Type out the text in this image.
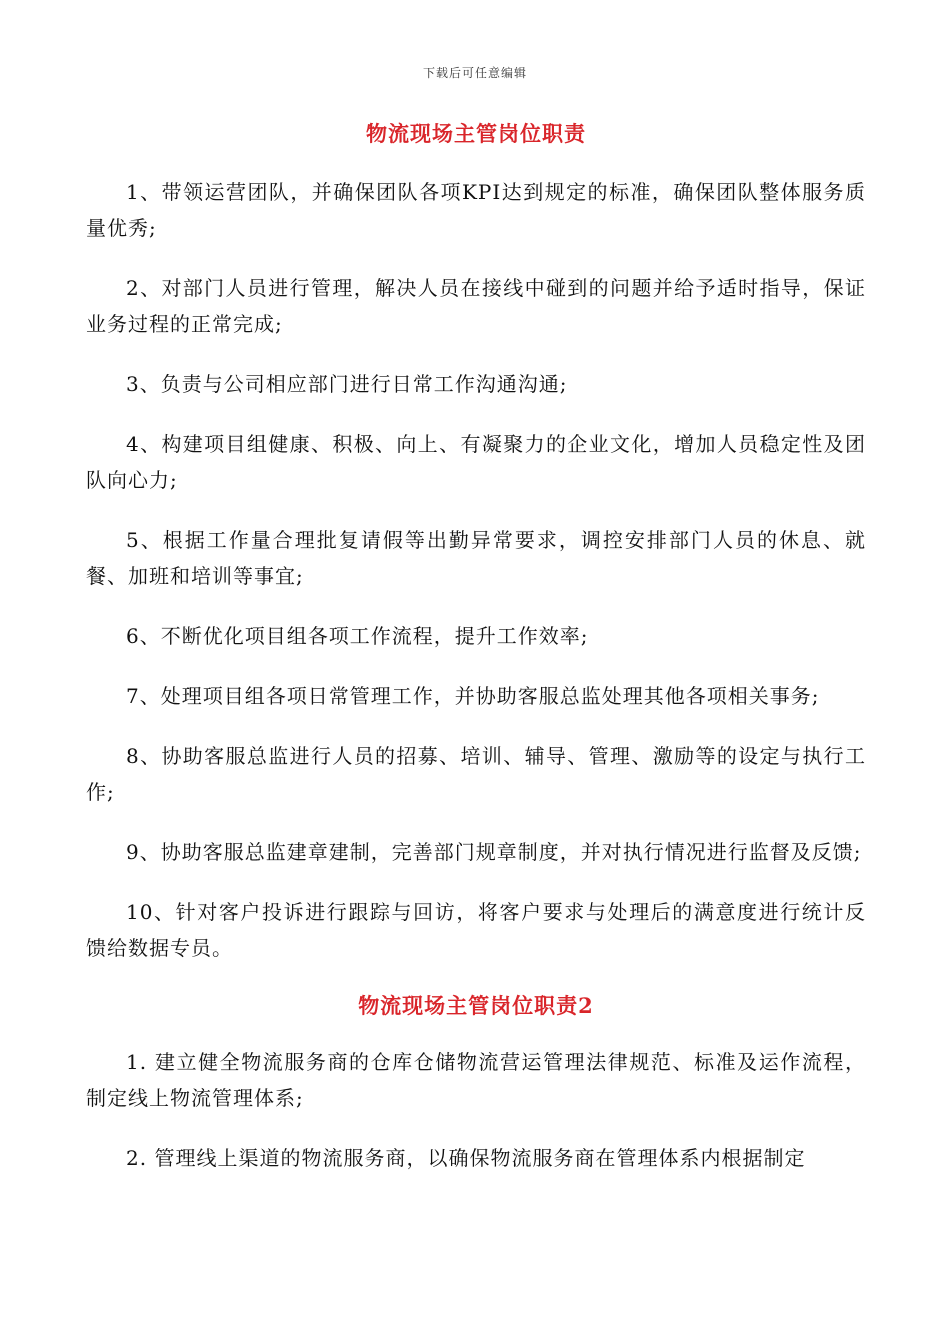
下载后可任意编辑
物流现场主管岗位职责

1、带领运营团队，并确保团队各项KPI达到规定的标准，确保团队整体服务质量优秀;

2、对部门人员进行管理，解决人员在接线中碰到的问题并给予适时指导，保证业务过程的正常完成;

3、负责与公司相应部门进行日常工作沟通沟通;

4、构建项目组健康、积极、向上、有凝聚力的企业文化，增加人员稳定性及团队向心力;

5、根据工作量合理批复请假等出勤异常要求，调控安排部门人员的休息、就餐、加班和培训等事宜;

6、不断优化项目组各项工作流程，提升工作效率;

7、处理项目组各项日常管理工作，并协助客服总监处理其他各项相关事务;

8、协助客服总监进行人员的招募、培训、辅导、管理、激励等的设定与执行工作;

9、协助客服总监建章建制，完善部门规章制度，并对执行情况进行监督及反馈;

10、针对客户投诉进行跟踪与回访，将客户要求与处理后的满意度进行统计反馈给数据专员。

物流现场主管岗位职责2

1. 建立健全物流服务商的仓库仓储物流营运管理法律规范、标准及运作流程，制定线上物流管理体系;

2. 管理线上渠道的物流服务商，以确保物流服务商在管理体系内根据制定
